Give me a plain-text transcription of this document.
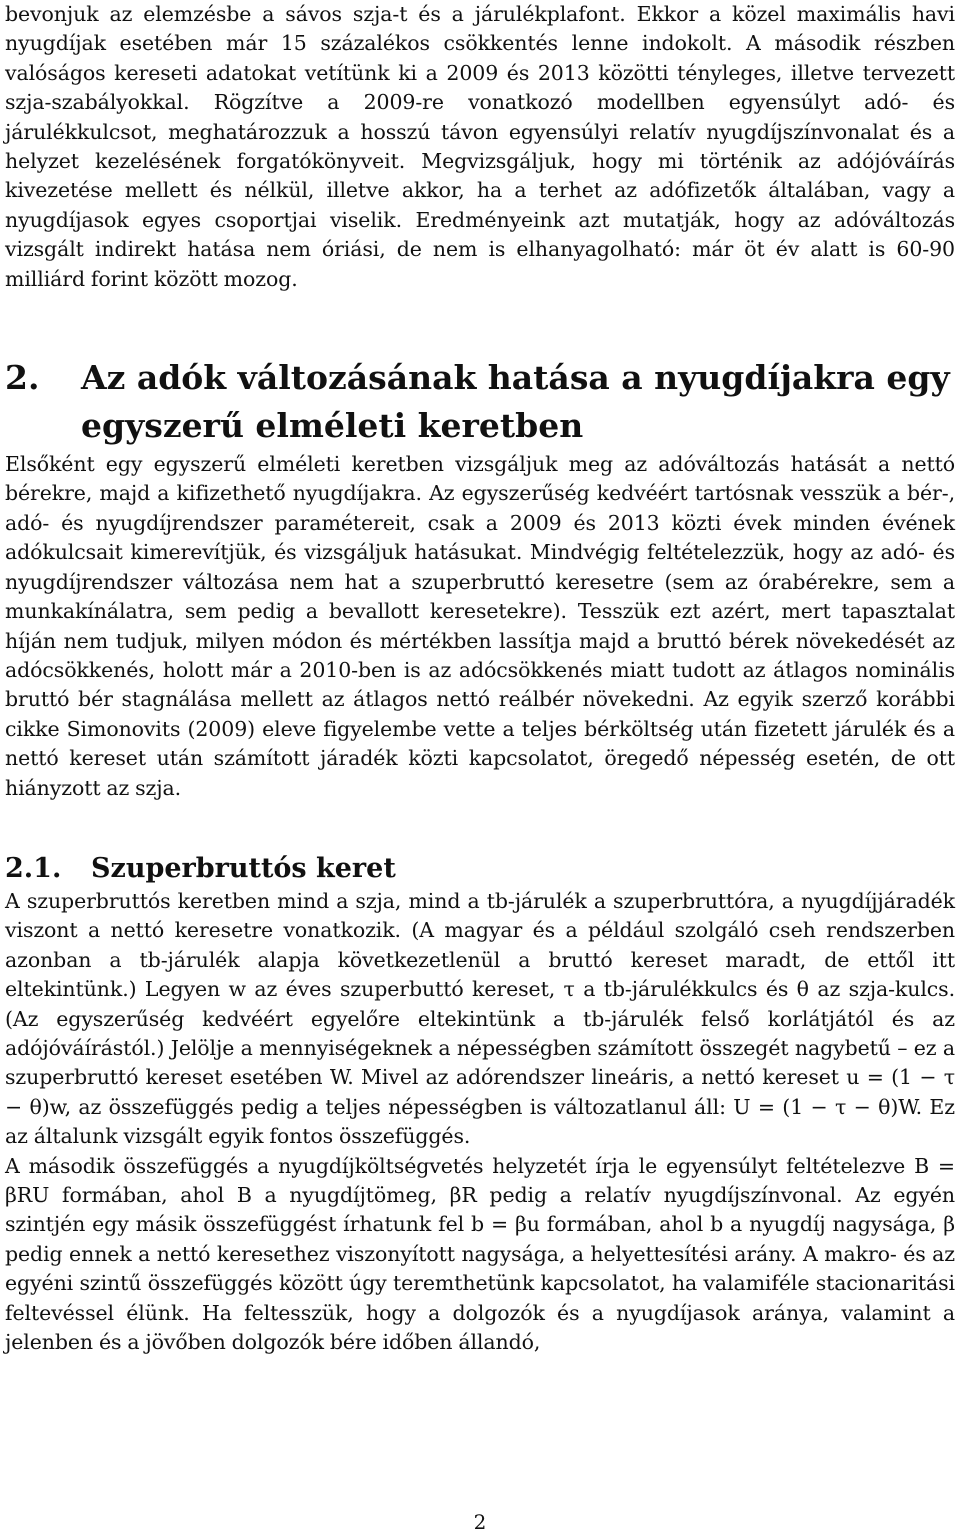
bevonjuk az elemzésbe a sávos szja-t és a járulékplafont. Ekkor a közel maximális havi nyugdíjak esetében már 15 százalékos csökkentés lenne indokolt. A második részben valóságos kereseti adatokat vetítünk ki a 2009 és 2013 közötti tényleges, illetve tervezett szja-szabályokkal. Rögzítve a 2009-re vonatkozó modellben egyensúlyt adó- és járulékkulcsot, meghatározzuk a hosszú távon egyensúlyi relatív nyugdíjszínvonalat és a helyzet kezelésének forgatókönyveit. Megvizsgáljuk, hogy mi történik az adójóváírás kivezetése mellett és nélkül, illetve akkor, ha a terhet az adófizetők általában, vagy a nyugdíjasok egyes csoportjai viselik. Eredményeink azt mutatják, hogy az adóváltozás vizsgált indirekt hatása nem óriási, de nem is elhanyagolható: már öt év alatt is 60-90 milliárd forint között mozog.

2.	Az adók változásának hatása a nyugdíjakra egy egyszerű elméleti keretben

Elsőként egy egyszerű elméleti keretben vizsgáljuk meg az adóváltozás hatását a nettó bérekre, majd a kifizethető nyugdíjakra. Az egyszerűség kedvéért tartósnak vesszük a bér-, adó- és nyugdíjrendszer paramétereit, csak a 2009 és 2013 közti évek minden évének adókulcsait kimerevítjük, és vizsgáljuk hatásukat. Mindvégig feltételezzük, hogy az adó- és nyugdíjrendszer változása nem hat a szuperbruttó keresetre (sem az órabérekre, sem a munkakínálatra, sem pedig a bevallott keresetekre). Tesszük ezt azért, mert tapasztalat híján nem tudjuk, milyen módon és mértékben lassítja majd a bruttó bérek növekedését az adócsökkenés, holott már a 2010-ben is az adócsökkenés miatt tudott az átlagos nominális bruttó bér stagnálása mellett az átlagos nettó reálbér növekedni. Az egyik szerző korábbi cikke Simonovits (2009) eleve figyelembe vette a teljes bérköltség után fizetett járulék és a nettó kereset után számított járadék közti kapcsolatot, öregedő népesség esetén, de ott hiányzott az szja.

2.1.	Szuperbruttós keret

A szuperbruttós keretben mind a szja, mind a tb-járulék a szuperbruttóra, a nyugdíjjáradék viszont a nettó keresetre vonatkozik. (A magyar és a például szolgáló cseh rendszerben azonban a tb-járulék alapja következetlenül a bruttó kereset maradt, de ettől itt eltekintünk.) Legyen w az éves szuperbuttó kereset, τ a tb-járulékkulcs és θ az szja-kulcs. (Az egyszerűség kedvéért egyelőre eltekintünk a tb-járulék felső korlátjától és az adójóváírástól.) Jelölje a mennyiségeknek a népességben számított összegét nagybetű – ez a szuperbruttó kereset esetében W. Mivel az adórendszer lineáris, a nettó kereset u = (1 − τ − θ)w, az összefüggés pedig a teljes népességben is változatlanul áll: U = (1 − τ − θ)W. Ez az általunk vizsgált egyik fontos összefüggés.

A második összefüggés a nyugdíjköltségvetés helyzetét írja le egyensúlyt feltételezve B = βRU formában, ahol B a nyugdíjtömeg, βR pedig a relatív nyugdíjszínvonal. Az egyén szintjén egy másik összefüggést írhatunk fel b = βu formában, ahol b a nyugdíj nagysága, β pedig ennek a nettó keresethez viszonyított nagysága, a helyettesítési arány. A makro- és az egyéni szintű összefüggés között úgy teremthetünk kapcsolatot, ha valamiféle stacionaritási feltevéssel élünk. Ha feltesszük, hogy a dolgozók és a nyugdíjasok aránya, valamint a jelenben és a jövőben dolgozók bére időben állandó,

2
